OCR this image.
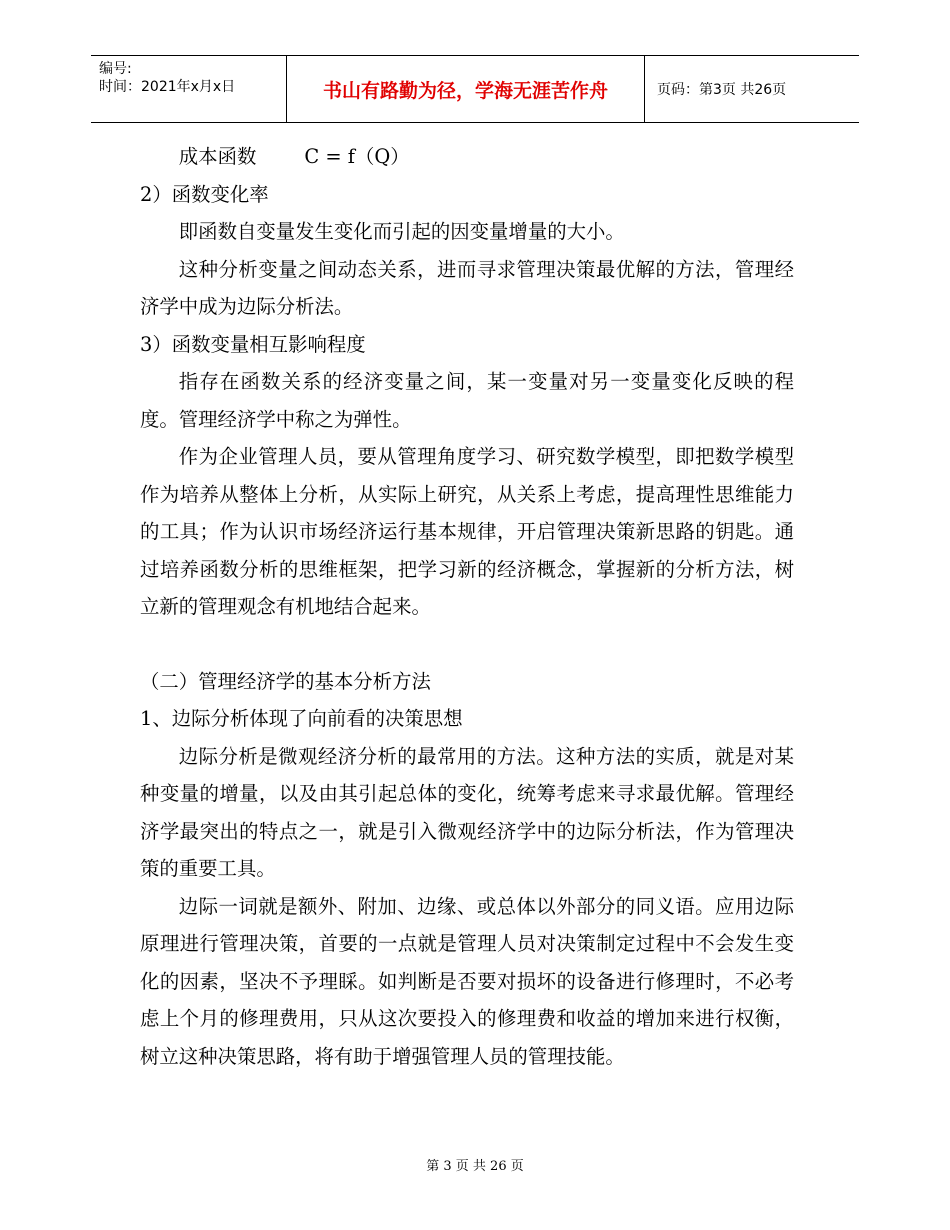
编号:
时间：2021年x月x日	书山有路勤为径，学海无涯苦作舟	页码：第3页 共26页

成本函数 C = f（Q）

2）函数变化率

即函数自变量发生变化而引起的因变量增量的大小。

这种分析变量之间动态关系，进而寻求管理决策最优解的方法，管理经济学中成为边际分析法。

3）函数变量相互影响程度

指存在函数关系的经济变量之间，某一变量对另一变量变化反映的程度。管理经济学中称之为弹性。

作为企业管理人员，要从管理角度学习、研究数学模型，即把数学模型作为培养从整体上分析，从实际上研究，从关系上考虑，提高理性思维能力的工具；作为认识市场经济运行基本规律，开启管理决策新思路的钥匙。通过培养函数分析的思维框架，把学习新的经济概念，掌握新的分析方法，树立新的管理观念有机地结合起来。

（二）管理经济学的基本分析方法

1、边际分析体现了向前看的决策思想

边际分析是微观经济分析的最常用的方法。这种方法的实质，就是对某种变量的增量，以及由其引起总体的变化，统筹考虑来寻求最优解。管理经济学最突出的特点之一，就是引入微观经济学中的边际分析法，作为管理决策的重要工具。

边际一词就是额外、附加、边缘、或总体以外部分的同义语。应用边际原理进行管理决策，首要的一点就是管理人员对决策制定过程中不会发生变化的因素，坚决不予理睬。如判断是否要对损坏的设备进行修理时，不必考虑上个月的修理费用，只从这次要投入的修理费和收益的增加来进行权衡，树立这种决策思路，将有助于增强管理人员的管理技能。

第 3 页 共 26 页
